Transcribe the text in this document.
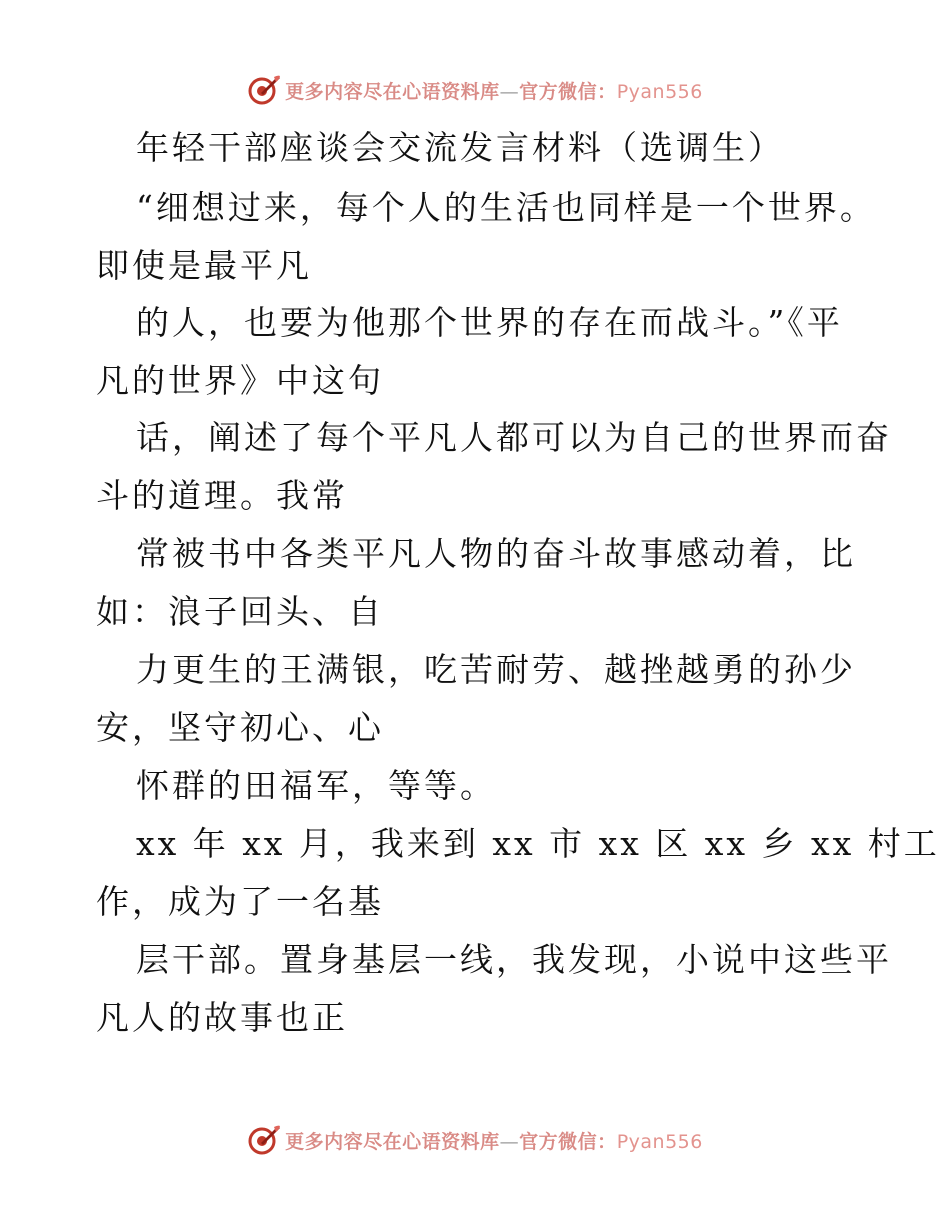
更多内容尽在心语资料库—官方微信：Pyan556
年轻干部座谈会交流发言材料（选调生）
“细想过来，每个人的生活也同样是一个世界。
即使是最平凡
的人，也要为他那个世界的存在而战斗。”《平
凡的世界》中这句
话，阐述了每个平凡人都可以为自己的世界而奋
斗的道理。我常
常被书中各类平凡人物的奋斗故事感动着，比
如：浪子回头、自
力更生的王满银，吃苦耐劳、越挫越勇的孙少
安，坚守初心、心
怀群的田福军，等等。
xx 年 xx 月，我来到 xx 市 xx 区 xx 乡 xx 村工
作，成为了一名基
层干部。置身基层一线，我发现，小说中这些平
凡人的故事也正
更多内容尽在心语资料库—官方微信：Pyan556
